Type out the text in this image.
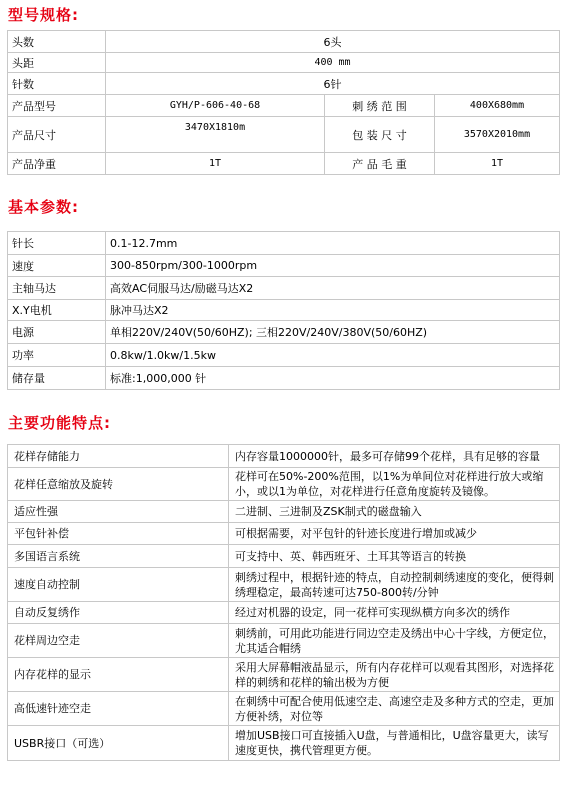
型号规格:
头数	6头		
头距	400 mm		
针数	6针		
产品型号	GYH/P-606-40-68	刺 绣 范 围	400X680mm
产品尺寸	3470X1810m	包 装 尺 寸	3570X2010mm
产品净重	1T	产 品 毛 重	1T
基本参数:
针长	0.1-12.7mm
速度	300-850rpm/300-1000rpm
主轴马达	高效AC伺服马达/励磁马达X2
X.Y电机	脉冲马达X2
电源	单相220V/240V(50/60HZ); 三相220V/240V/380V(50/60HZ)
功率	0.8kw/1.0kw/1.5kw
储存量	标准:1,000,000 针
主要功能特点:
花样存储能力	内存容量1000000针，最多可存储99个花样，具有足够的容量
花样任意缩放及旋转	花样可在50%-200%范围，以1%为单间位对花样进行放大或缩小，或以1为单位，对花样进行任意角度旋转及镜像。
适应性强	二进制、三进制及ZSK制式的磁盘输入
平包针补偿	可根据需要，对平包针的针迹长度进行增加或减少
多国语言系统	可支持中、英、韩西班牙、土耳其等语言的转换
速度自动控制	刺绣过程中，根据针迹的特点，自动控制刺绣速度的变化，便得刺绣理稳定，最高转速可达750-800转/分钟
自动反复绣作	经过对机器的设定，同一花样可实现纵横方向多次的绣作
花样周边空走	刺绣前，可用此功能进行同边空走及绣出中心十字线，方便定位，尤其适合帽绣
内存花样的显示	采用大屏幕帽液晶显示，所有内存花样可以观看其图形，对选择花样的刺绣和花样的输出极为方便
高低速针迹空走	在刺绣中可配合使用低速空走、高速空走及多种方式的空走，更加方便补绣，对位等
USBR接口（可选）	增加USB接口可直接插入U盘，与普通相比，U盘容量更大，读写速度更快，携代管理更方便。
